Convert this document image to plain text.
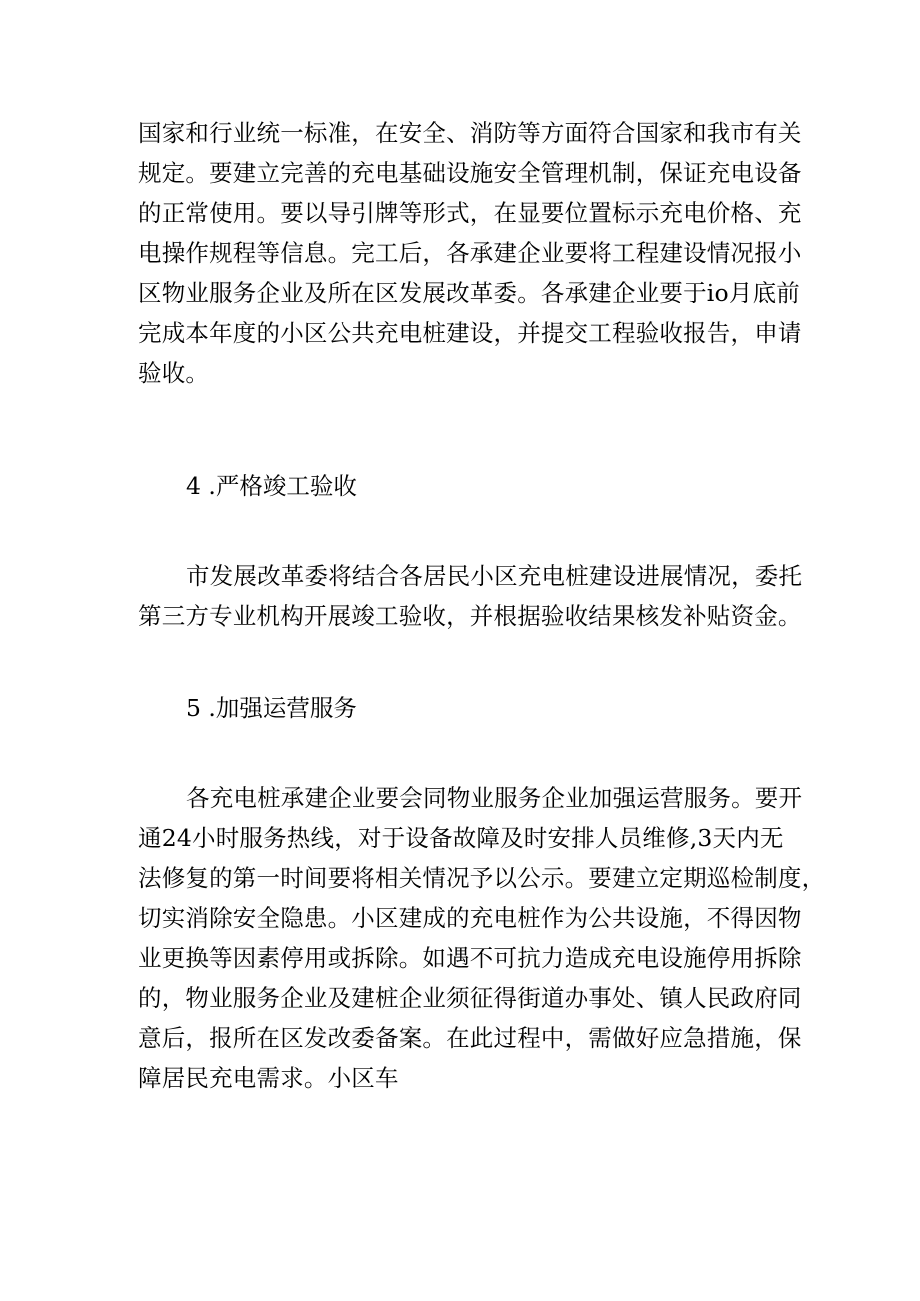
国家和行业统一标准，在安全、消防等方面符合国家和我市有关
规定。要建立完善的充电基础设施安全管理机制，保证充电设备
的正常使用。要以导引牌等形式，在显要位置标示充电价格、充
电操作规程等信息。完工后，各承建企业要将工程建设情况报小
区物业服务企业及所在区发展改革委。各承建企业要于io月底前
完成本年度的小区公共充电桩建设，并提交工程验收报告，申请
验收。
4 .严格竣工验收
市发展改革委将结合各居民小区充电桩建设进展情况，委托
第三方专业机构开展竣工验收，并根据验收结果核发补贴资金。
5 .加强运营服务
各充电桩承建企业要会同物业服务企业加强运营服务。要开
通24小时服务热线，对于设备故障及时安排人员维修,3天内无
法修复的第一时间要将相关情况予以公示。要建立定期巡检制度，
切实消除安全隐患。小区建成的充电桩作为公共设施，不得因物
业更换等因素停用或拆除。如遇不可抗力造成充电设施停用拆除
的，物业服务企业及建桩企业须征得街道办事处、镇人民政府同
意后，报所在区发改委备案。在此过程中，需做好应急措施，保
障居民充电需求。小区车
